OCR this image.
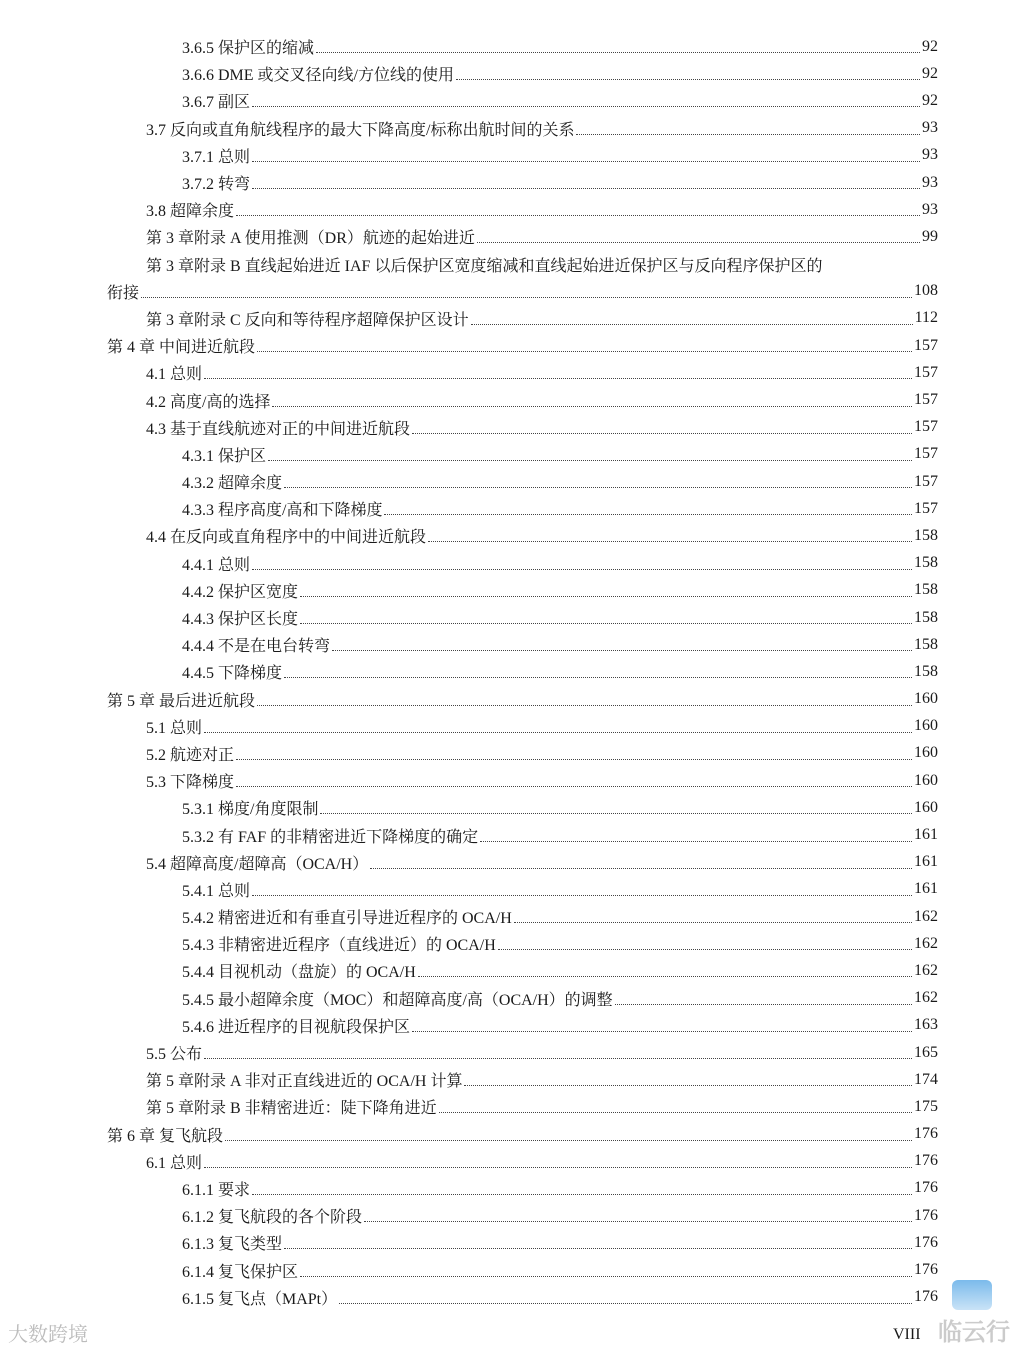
3.6.5 保护区的缩减	92
3.6.6 DME 或交叉径向线/方位线的使用	92
3.6.7 副区	92
3.7 反向或直角航线程序的最大下降高度/标称出航时间的关系	93
3.7.1 总则	93
3.7.2 转弯	93
3.8 超障余度	93
第 3 章附录 A 使用推测（DR）航迹的起始进近	99
第 3 章附录 B 直线起始进近 IAF 以后保护区宽度缩减和直线起始进近保护区与反向程序保护区的
衔接	108
第 3 章附录 C 反向和等待程序超障保护区设计	112
第 4 章 中间进近航段	157
4.1 总则	157
4.2 高度/高的选择	157
4.3 基于直线航迹对正的中间进近航段	157
4.3.1 保护区	157
4.3.2 超障余度	157
4.3.3 程序高度/高和下降梯度	157
4.4 在反向或直角程序中的中间进近航段	158
4.4.1 总则	158
4.4.2 保护区宽度	158
4.4.3 保护区长度	158
4.4.4 不是在电台转弯	158
4.4.5 下降梯度	158
第 5 章 最后进近航段	160
5.1 总则	160
5.2 航迹对正	160
5.3 下降梯度	160
5.3.1 梯度/角度限制	160
5.3.2 有 FAF 的非精密进近下降梯度的确定	161
5.4 超障高度/超障高（OCA/H）	161
5.4.1 总则	161
5.4.2 精密进近和有垂直引导进近程序的 OCA/H	162
5.4.3 非精密进近程序（直线进近）的 OCA/H	162
5.4.4 目视机动（盘旋）的 OCA/H	162
5.4.5 最小超障余度（MOC）和超障高度/高（OCA/H）的调整	162
5.4.6 进近程序的目视航段保护区	163
5.5 公布	165
第 5 章附录 A 非对正直线进近的 OCA/H 计算	174
第 5 章附录 B 非精密进近：陡下降角进近	175
第 6 章 复飞航段	176
6.1 总则	176
6.1.1 要求	176
6.1.2 复飞航段的各个阶段	176
6.1.3 复飞类型	176
6.1.4 复飞保护区	176
6.1.5 复飞点（MAPt）	176
VIII
大数跨境	临云行
